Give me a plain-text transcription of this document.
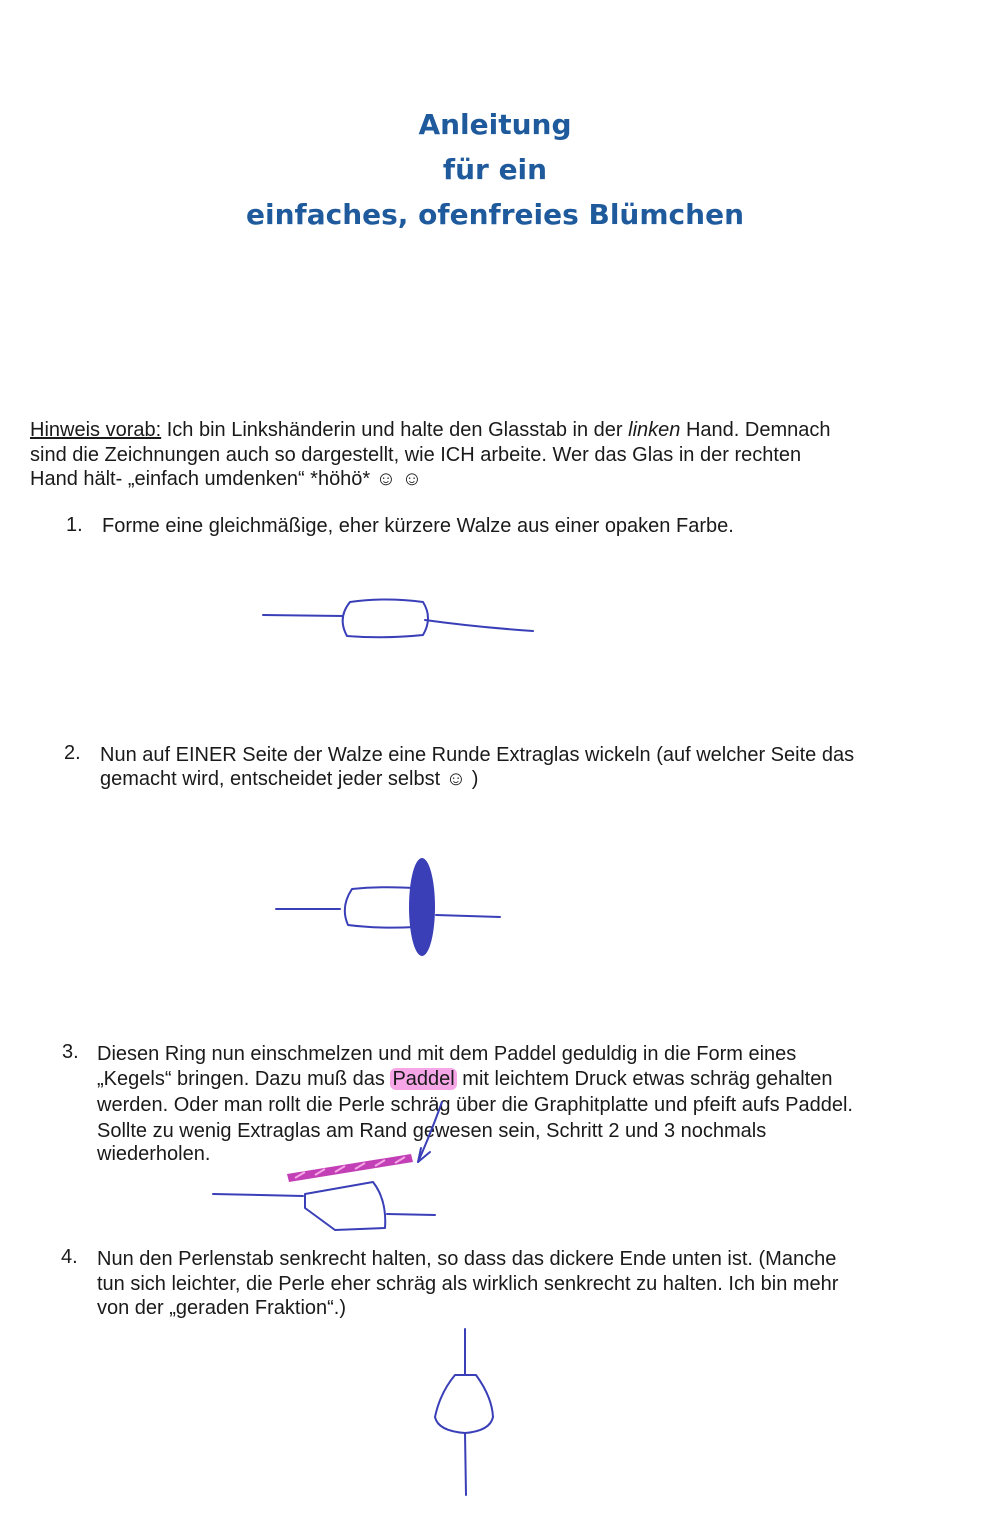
Anleitung
für ein
einfaches, ofenfreies Blümchen
Hinweis vorab: Ich bin Linkshänderin und halte den Glasstab in der linken Hand. Demnach
sind die Zeichnungen auch so dargestellt, wie ICH arbeite. Wer das Glas in der rechten
Hand hält- „einfach umdenken“ *höhö* ☺ ☺
1. Forme eine gleichmäßige, eher kürzere Walze aus einer opaken Farbe.
2. Nun auf EINER Seite der Walze eine Runde Extraglas wickeln (auf welcher Seite das
gemacht wird, entscheidet jeder selbst ☺ )
3. Diesen Ring nun einschmelzen und mit dem Paddel geduldig in die Form eines
„Kegels“ bringen. Dazu muß das Paddel mit leichtem Druck etwas schräg gehalten
werden. Oder man rollt die Perle schräg über die Graphitplatte und pfeift aufs Paddel.
Sollte zu wenig Extraglas am Rand gewesen sein, Schritt 2 und 3 nochmals
wiederholen.
4. Nun den Perlenstab senkrecht halten, so dass das dickere Ende unten ist. (Manche
tun sich leichter, die Perle eher schräg als wirklich senkrecht zu halten. Ich bin mehr
von der „geraden Fraktion“.)
